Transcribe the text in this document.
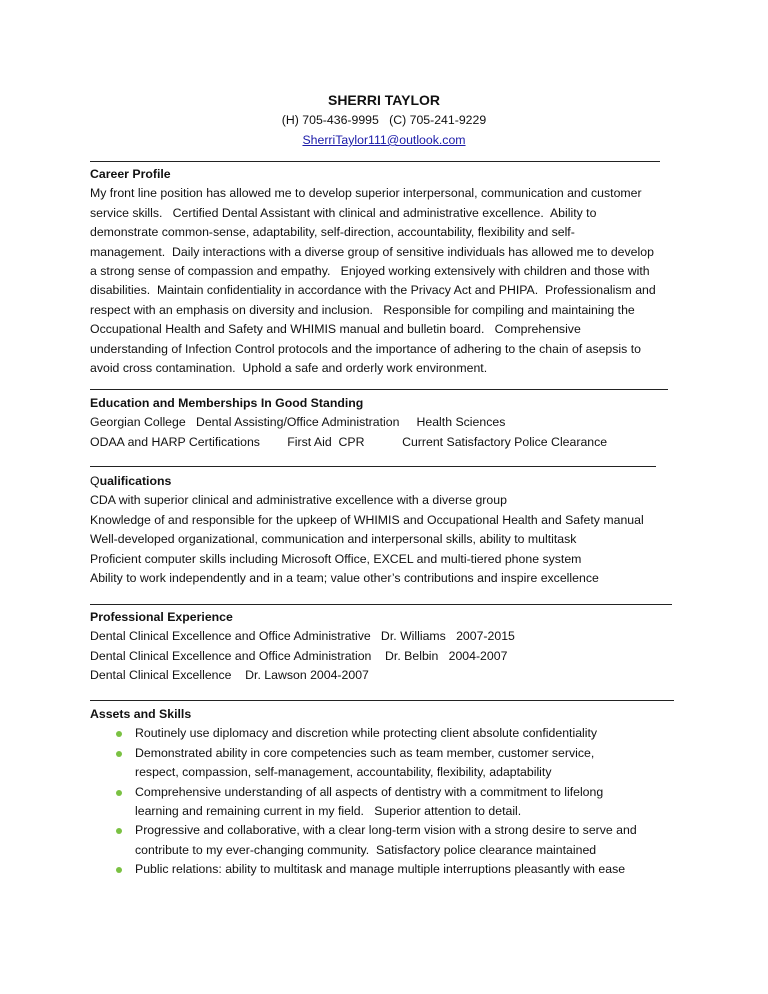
SHERRI TAYLOR
(H) 705-436-9995   (C) 705-241-9229
SherriTaylor111@outlook.com
Career Profile
My front line position has allowed me to develop superior interpersonal, communication and customer
service skills.   Certified Dental Assistant with clinical and administrative excellence.  Ability to
demonstrate common-sense, adaptability, self-direction, accountability, flexibility and self-
management.  Daily interactions with a diverse group of sensitive individuals has allowed me to develop
a strong sense of compassion and empathy.   Enjoyed working extensively with children and those with
disabilities.  Maintain confidentiality in accordance with the Privacy Act and PHIPA.  Professionalism and
respect with an emphasis on diversity and inclusion.   Responsible for compiling and maintaining the
Occupational Health and Safety and WHIMIS manual and bulletin board.   Comprehensive
understanding of Infection Control protocols and the importance of adhering to the chain of asepsis to
avoid cross contamination.  Uphold a safe and orderly work environment.
Education and Memberships In Good Standing
Georgian College   Dental Assisting/Office Administration     Health Sciences
ODAA and HARP Certifications        First Aid  CPR           Current Satisfactory Police Clearance
Qualifications
CDA with superior clinical and administrative excellence with a diverse group
Knowledge of and responsible for the upkeep of WHIMIS and Occupational Health and Safety manual
Well-developed organizational, communication and interpersonal skills, ability to multitask
Proficient computer skills including Microsoft Office, EXCEL and multi-tiered phone system
Ability to work independently and in a team; value other’s contributions and inspire excellence
Professional Experience
Dental Clinical Excellence and Office Administrative   Dr. Williams   2007-2015
Dental Clinical Excellence and Office Administration    Dr. Belbin   2004-2007
Dental Clinical Excellence    Dr. Lawson 2004-2007
Assets and Skills
Routinely use diplomacy and discretion while protecting client absolute confidentiality
Demonstrated ability in core competencies such as team member, customer service,
respect, compassion, self-management, accountability, flexibility, adaptability
Comprehensive understanding of all aspects of dentistry with a commitment to lifelong
learning and remaining current in my field.   Superior attention to detail.
Progressive and collaborative, with a clear long-term vision with a strong desire to serve and
contribute to my ever-changing community.  Satisfactory police clearance maintained
Public relations: ability to multitask and manage multiple interruptions pleasantly with ease
